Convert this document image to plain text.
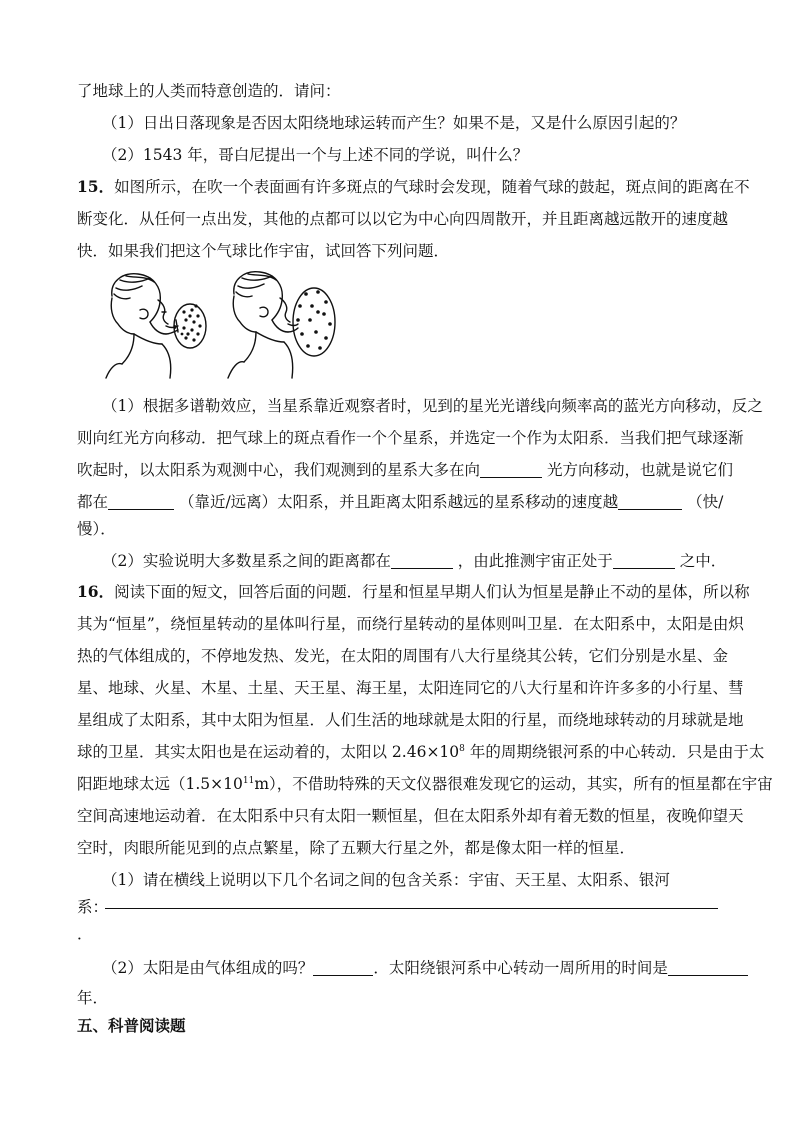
了地球上的人类而特意创造的．请问：
（1）日出日落现象是否因太阳绕地球运转而产生？如果不是，又是什么原因引起的？
（2）1543 年，哥白尼提出一个与上述不同的学说，叫什么？
15．如图所示，在吹一个表面画有许多斑点的气球时会发现，随着气球的鼓起，斑点间的距离在不
断变化．从任何一点出发，其他的点都可以以它为中心向四周散开，并且距离越远散开的速度越
快．如果我们把这个气球比作宇宙，试回答下列问题．
（1）根据多谱勒效应，当星系靠近观察者时，见到的星光光谱线向频率高的蓝光方向移动，反之
则向红光方向移动．把气球上的斑点看作一个个星系，并选定一个作为太阳系．当我们把气球逐渐
吹起时，以太阳系为观测中心，我们观测到的星系大多在向	光方向移动，也就是说它们
都在	（靠近/远离）太阳系，并且距离太阳系越远的星系移动的速度越	（快/
慢）．
（2）实验说明大多数星系之间的距离都在	，由此推测宇宙正处于	之中．
16．阅读下面的短文，回答后面的问题．行星和恒星早期人们认为恒星是静止不动的星体，所以称
其为“恒星”，绕恒星转动的星体叫行星，而绕行星转动的星体则叫卫星．在太阳系中，太阳是由炽
热的气体组成的，不停地发热、发光，在太阳的周围有八大行星绕其公转，它们分别是水星、金
星、地球、火星、木星、土星、天王星、海王星，太阳连同它的八大行星和许许多多的小行星、彗
星组成了太阳系，其中太阳为恒星．人们生活的地球就是太阳的行星，而绕地球转动的月球就是地
球的卫星．其实太阳也是在运动着的，太阳以 $2.46\times 10^8$ 年的周期绕银河系的中心转动．只是由于太
阳距地球太远$(1.5\times 10^{11}m)$，不借助特殊的天文仪器很难发现它的运动，其实，所有的恒星都在宇宙
空间高速地运动着．在太阳系中只有太阳一颗恒星，但在太阳系外却有着无数的恒星，夜晚仰望天
空时，肉眼所能见到的点点繁星，除了五颗大行星之外，都是像太阳一样的恒星．
（1）请在横线上说明以下几个名词之间的包含关系：宇宙、天王星、太阳系、银河
系：
．
（2）太阳是由气体组成的吗？	．太阳绕银河系中心转动一周所用的时间是
年．
五、科普阅读题
